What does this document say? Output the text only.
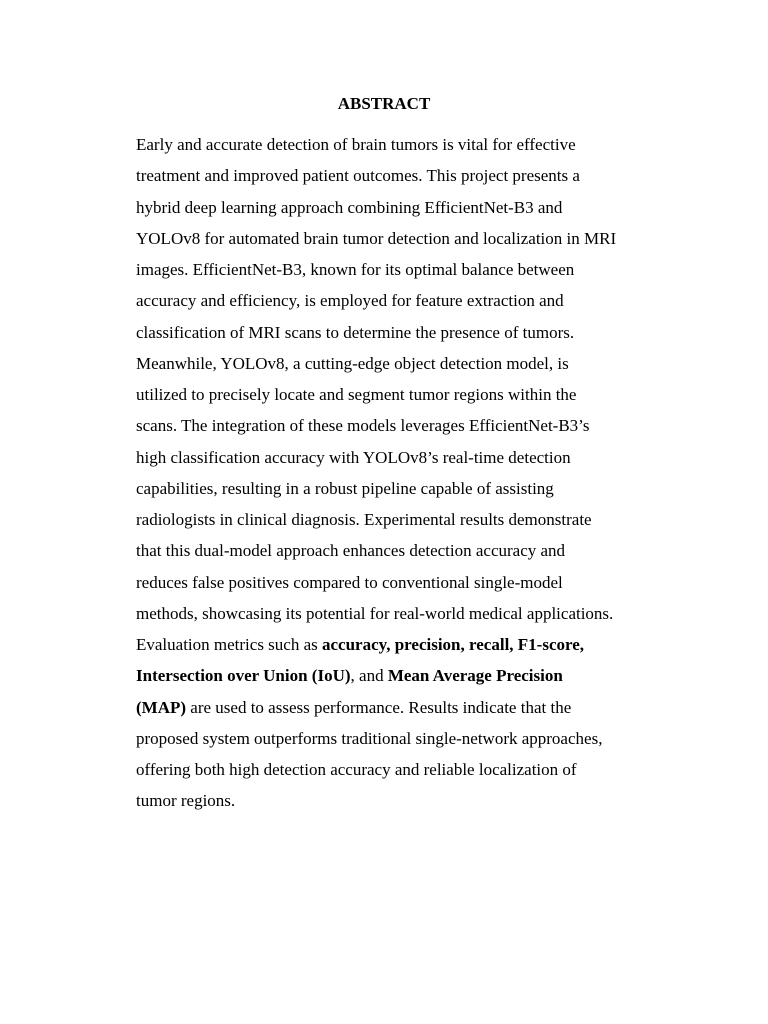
ABSTRACT
Early and accurate detection of brain tumors is vital for effective
treatment and improved patient outcomes. This project presents a
hybrid deep learning approach combining EfficientNet-B3 and
YOLOv8 for automated brain tumor detection and localization in MRI
images. EfficientNet-B3, known for its optimal balance between
accuracy and efficiency, is employed for feature extraction and
classification of MRI scans to determine the presence of tumors.
Meanwhile, YOLOv8, a cutting-edge object detection model, is
utilized to precisely locate and segment tumor regions within the
scans. The integration of these models leverages EfficientNet-B3’s
high classification accuracy with YOLOv8’s real-time detection
capabilities, resulting in a robust pipeline capable of assisting
radiologists in clinical diagnosis. Experimental results demonstrate
that this dual-model approach enhances detection accuracy and
reduces false positives compared to conventional single-model
methods, showcasing its potential for real-world medical applications.
Evaluation metrics such as accuracy, precision, recall, F1-score,
Intersection over Union (IoU), and Mean Average Precision
(MAP) are used to assess performance. Results indicate that the
proposed system outperforms traditional single-network approaches,
offering both high detection accuracy and reliable localization of
tumor regions.
